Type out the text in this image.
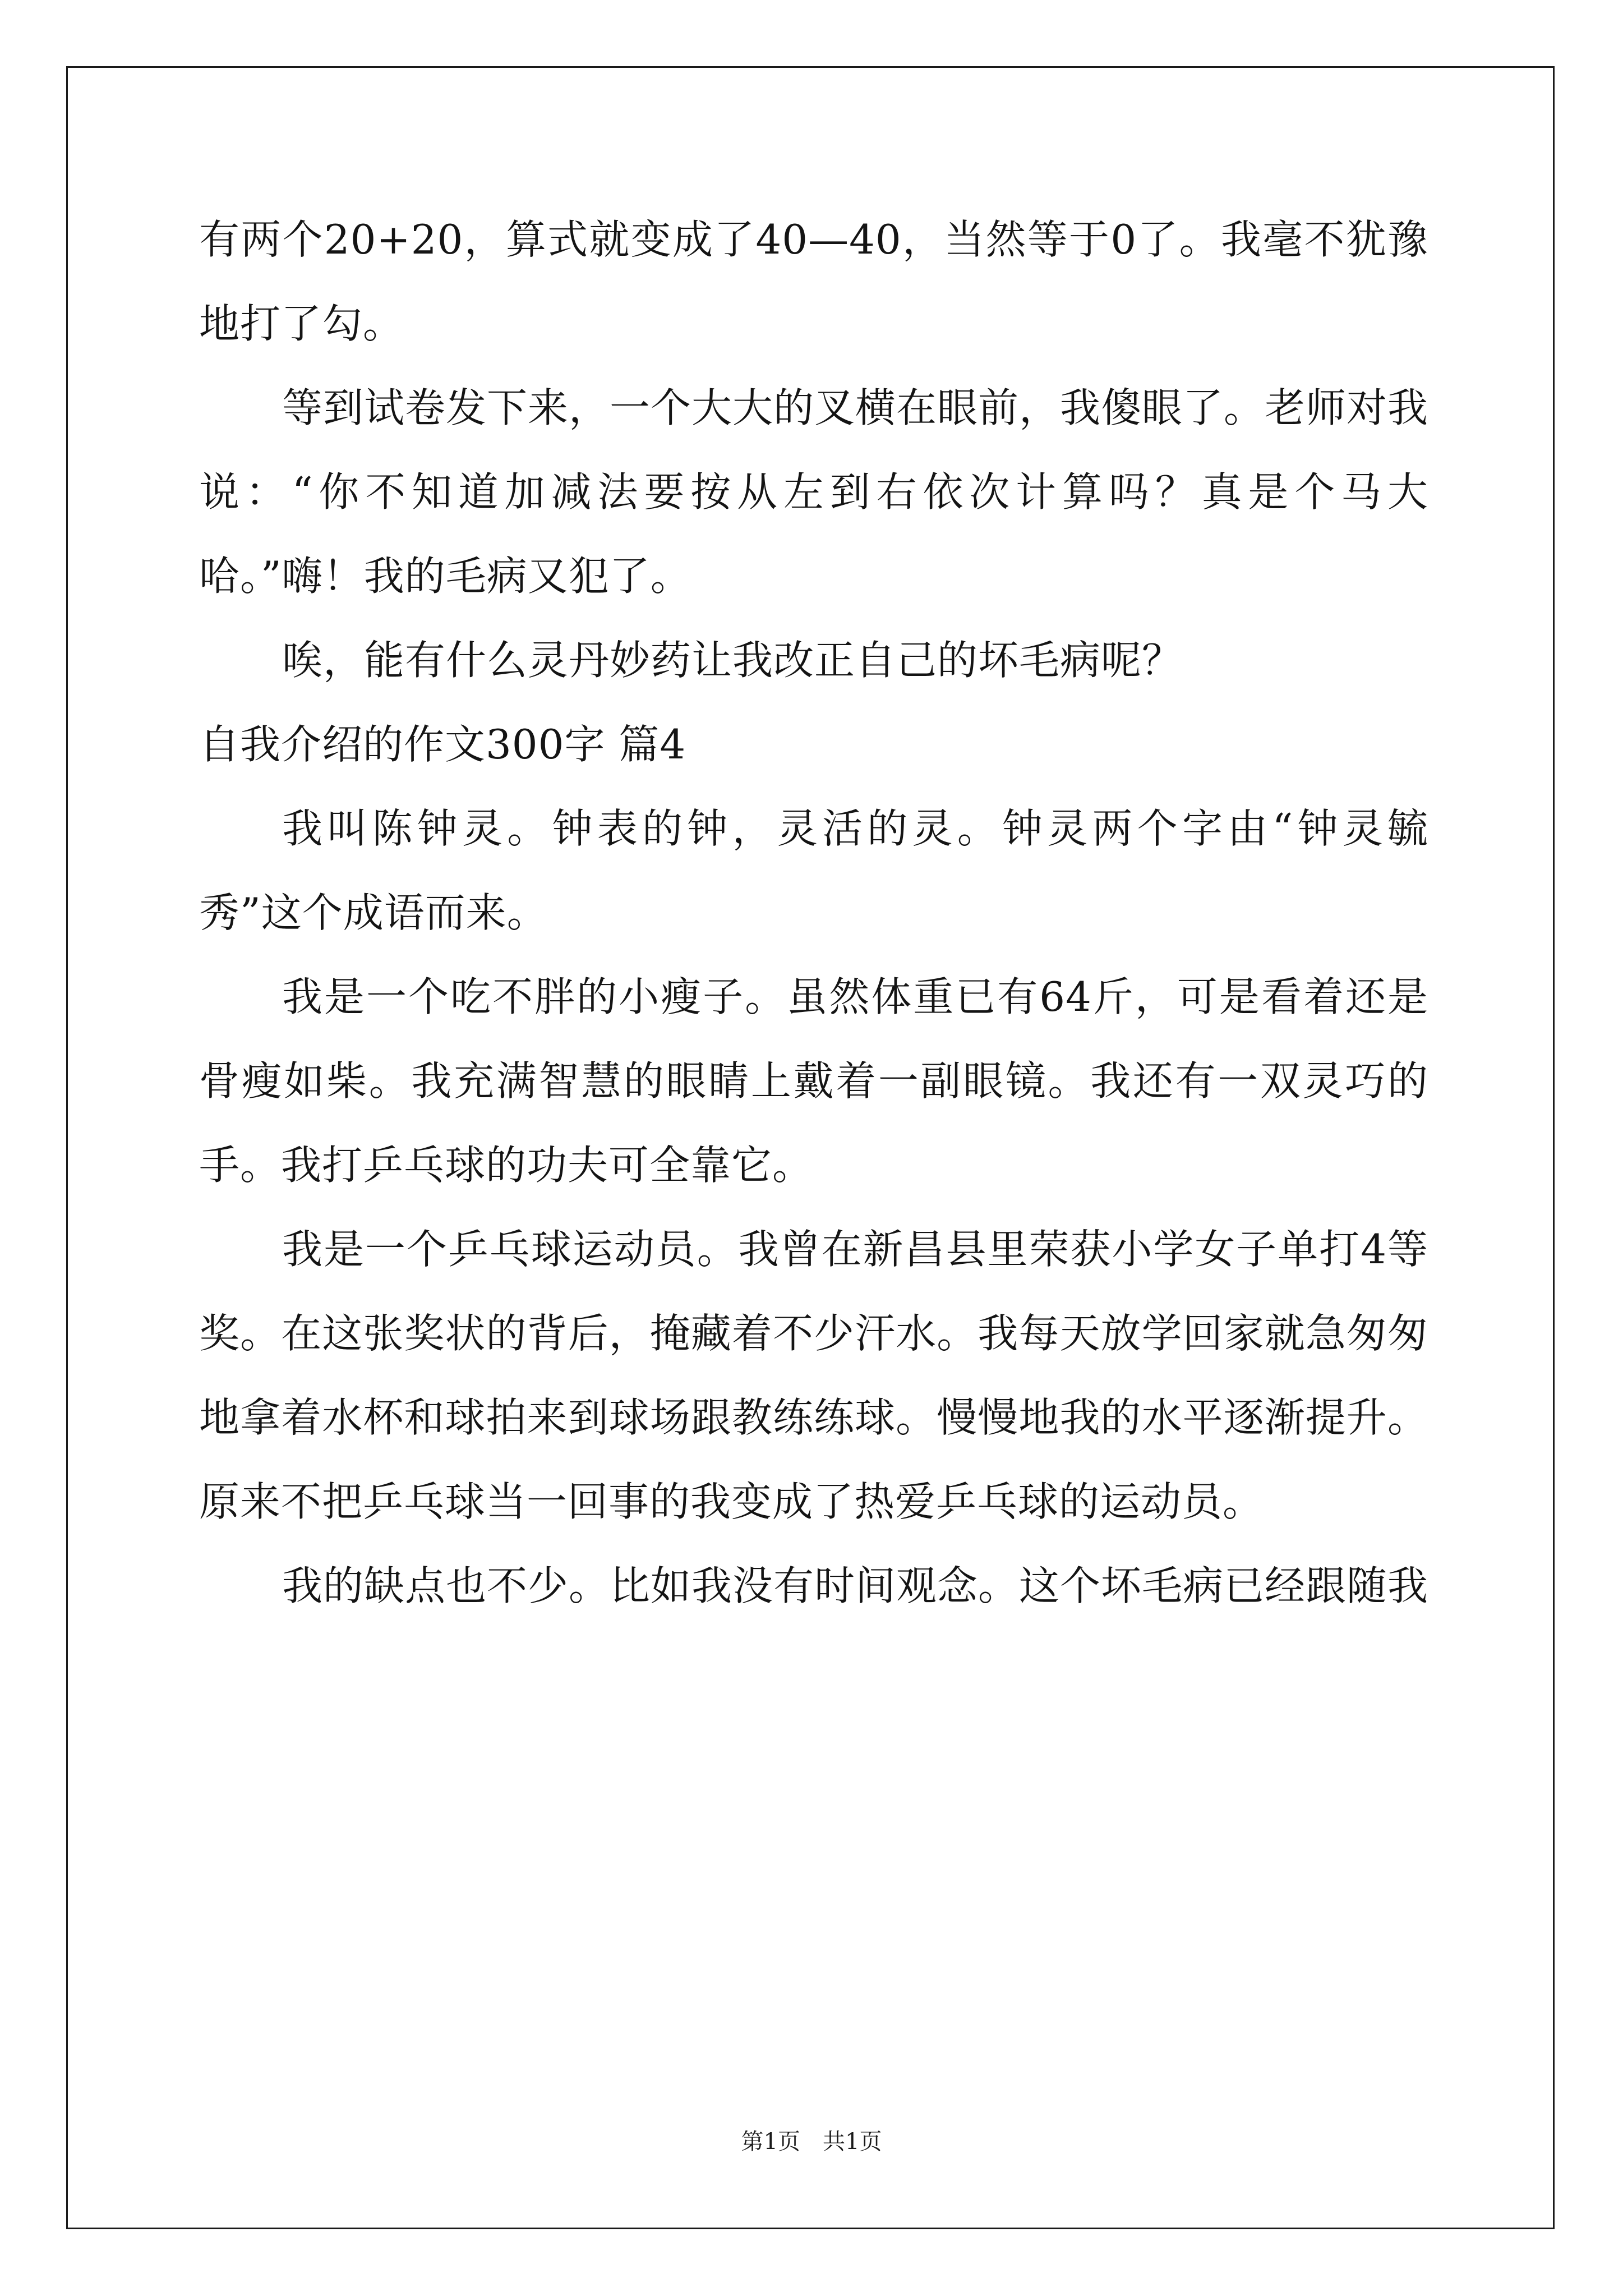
有两个20+20，算式就变成了40—40，当然等于0了。我毫不犹豫地打了勾。

等到试卷发下来，一个大大的叉横在眼前，我傻眼了。老师对我说：“你不知道加减法要按从左到右依次计算吗？真是个马大哈。”嗨！我的毛病又犯了。

唉，能有什么灵丹妙药让我改正自己的坏毛病呢？

自我介绍的作文300字 篇4

我叫陈钟灵。钟表的钟，灵活的灵。钟灵两个字由“钟灵毓秀”这个成语而来。

我是一个吃不胖的小瘦子。虽然体重已有64斤，可是看着还是骨瘦如柴。我充满智慧的眼睛上戴着一副眼镜。我还有一双灵巧的手。我打乒乓球的功夫可全靠它。

我是一个乒乓球运动员。我曾在新昌县里荣获小学女子单打4等奖。在这张奖状的背后，掩藏着不少汗水。我每天放学回家就急匆匆地拿着水杯和球拍来到球场跟教练练球。慢慢地我的水平逐渐提升。原来不把乒乓球当一回事的我变成了热爱乒乓球的运动员。

我的缺点也不少。比如我没有时间观念。这个坏毛病已经跟随我

第1页　共1页
